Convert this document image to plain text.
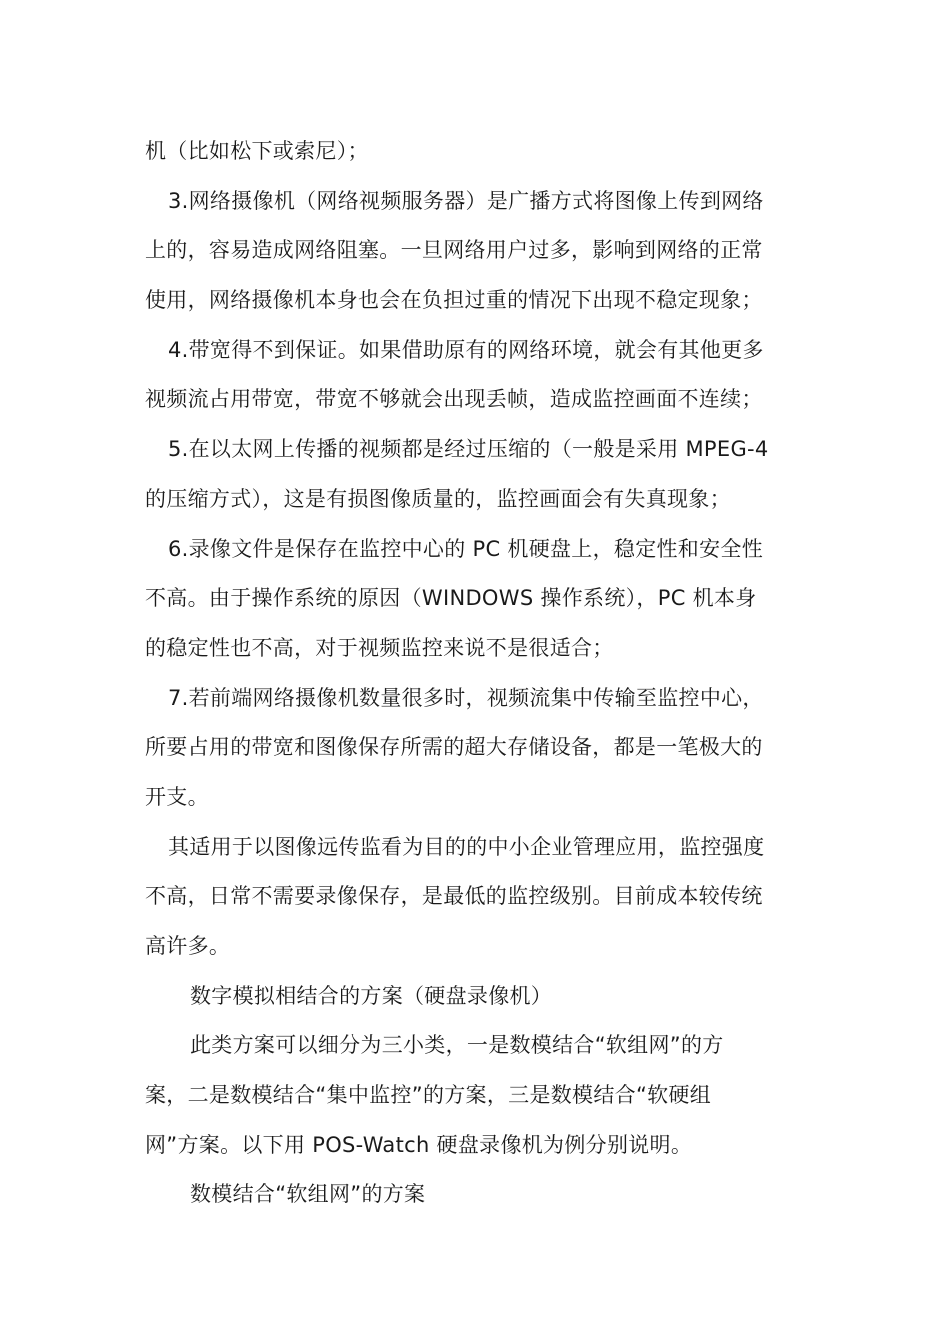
机（比如松下或索尼）；
3.网络摄像机（网络视频服务器）是广播方式将图像上传到网络
上的，容易造成网络阻塞。一旦网络用户过多，影响到网络的正常
使用，网络摄像机本身也会在负担过重的情况下出现不稳定现象；
4.带宽得不到保证。如果借助原有的网络环境，就会有其他更多
视频流占用带宽，带宽不够就会出现丢帧，造成监控画面不连续；
5.在以太网上传播的视频都是经过压缩的（一般是采用 MPEG-4
的压缩方式），这是有损图像质量的，监控画面会有失真现象；
6.录像文件是保存在监控中心的 PC 机硬盘上，稳定性和安全性
不高。由于操作系统的原因（WINDOWS 操作系统），PC 机本身
的稳定性也不高，对于视频监控来说不是很适合；
7.若前端网络摄像机数量很多时，视频流集中传输至监控中心，
所要占用的带宽和图像保存所需的超大存储设备，都是一笔极大的
开支。
其适用于以图像远传监看为目的的中小企业管理应用，监控强度
不高，日常不需要录像保存，是最低的监控级别。目前成本较传统
高许多。
数字模拟相结合的方案（硬盘录像机）
此类方案可以细分为三小类，一是数模结合“软组网”的方
案，二是数模结合“集中监控”的方案，三是数模结合“软硬组
网”方案。以下用 POS-Watch 硬盘录像机为例分别说明。
数模结合“软组网”的方案
